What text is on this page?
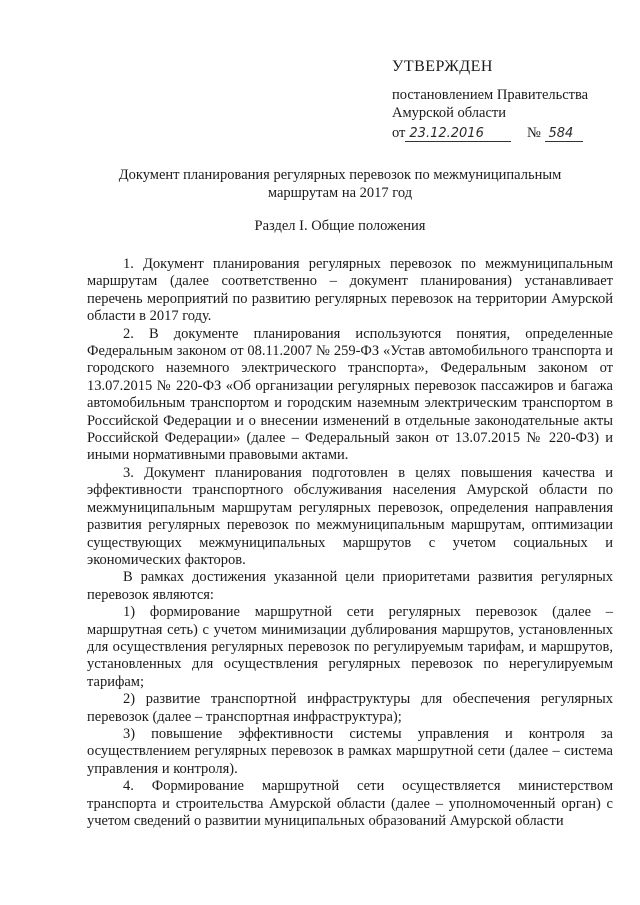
УТВЕРЖДЕН
постановлением Правительства
Амурской области
от 23.12.2016	№ 584
Документ планирования регулярных перевозок по межмуниципальным
маршрутам на 2017 год
Раздел I. Общие положения

1. Документ планирования регулярных перевозок по межмуниципальным маршрутам (далее соответственно – документ планирования) устанавливает перечень мероприятий по развитию регулярных перевозок на территории Амурской области в 2017 году.

2. В документе планирования используются понятия, определенные Федеральным законом от 08.11.2007 № 259-ФЗ «Устав автомобильного транспорта и городского наземного электрического транспорта», Федеральным законом от 13.07.2015 № 220-ФЗ «Об организации регулярных перевозок пассажиров и багажа автомобильным транспортом и городским наземным электрическим транспортом в Российской Федерации и о внесении изменений в отдельные законодательные акты Российской Федерации» (далее – Федеральный закон от 13.07.2015 № 220-ФЗ) и иными нормативными правовыми актами.

3. Документ планирования подготовлен в целях повышения качества и эффективности транспортного обслуживания населения Амурской области по межмуниципальным маршрутам регулярных перевозок, определения направления развития регулярных перевозок по межмуниципальным маршрутам, оптимизации существующих межмуниципальных маршрутов с учетом социальных и экономических факторов.

В рамках достижения указанной цели приоритетами развития регулярных перевозок являются:

1) формирование маршрутной сети регулярных перевозок (далее – маршрутная сеть) с учетом минимизации дублирования маршрутов, установленных для осуществления регулярных перевозок по регулируемым тарифам, и маршрутов, установленных для осуществления регулярных перевозок по нерегулируемым тарифам;

2) развитие транспортной инфраструктуры для обеспечения регулярных перевозок (далее – транспортная инфраструктура);

3) повышение эффективности системы управления и контроля за осуществлением регулярных перевозок в рамках маршрутной сети (далее – система управления и контроля).

4. Формирование маршрутной сети осуществляется министерством транспорта и строительства Амурской области (далее – уполномоченный орган) с учетом сведений о развитии муниципальных образований Амурской области
